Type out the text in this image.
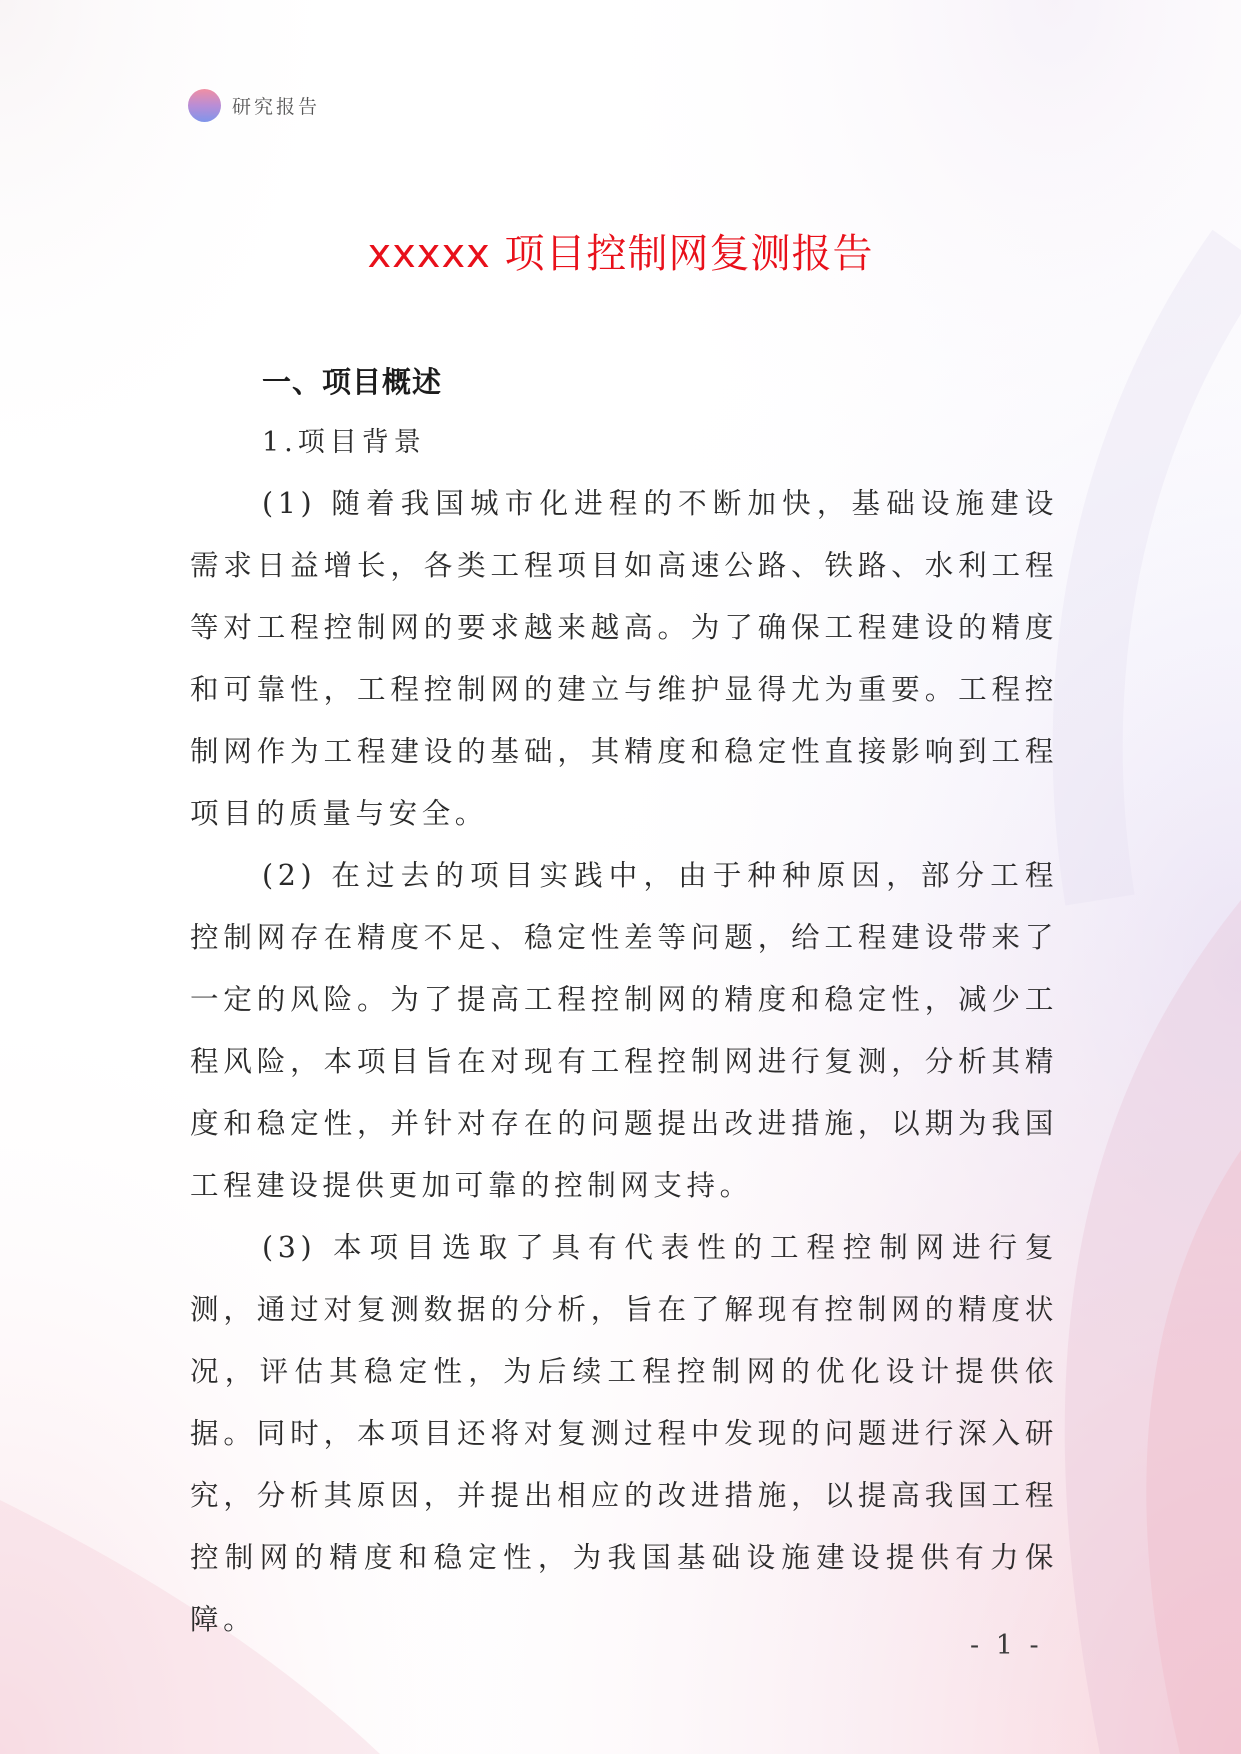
研究报告
xxxxx 项目控制网复测报告
一、项目概述
1.项目背景

(1) 随着我国城市化进程的不断加快，基础设施建设需求日益增长，各类工程项目如高速公路、铁路、水利工程等对工程控制网的要求越来越高。为了确保工程建设的精度和可靠性，工程控制网的建立与维护显得尤为重要。工程控制网作为工程建设的基础，其精度和稳定性直接影响到工程项目的质量与安全。

(2) 在过去的项目实践中，由于种种原因，部分工程控制网存在精度不足、稳定性差等问题，给工程建设带来了一定的风险。为了提高工程控制网的精度和稳定性，减少工程风险，本项目旨在对现有工程控制网进行复测，分析其精度和稳定性，并针对存在的问题提出改进措施，以期为我国工程建设提供更加可靠的控制网支持。

(3) 本项目选取了具有代表性的工程控制网进行复测，通过对复测数据的分析，旨在了解现有控制网的精度状况，评估其稳定性，为后续工程控制网的优化设计提供依据。同时，本项目还将对复测过程中发现的问题进行深入研究，分析其原因，并提出相应的改进措施，以提高我国工程控制网的精度和稳定性，为我国基础设施建设提供有力保障。

- 1 -
